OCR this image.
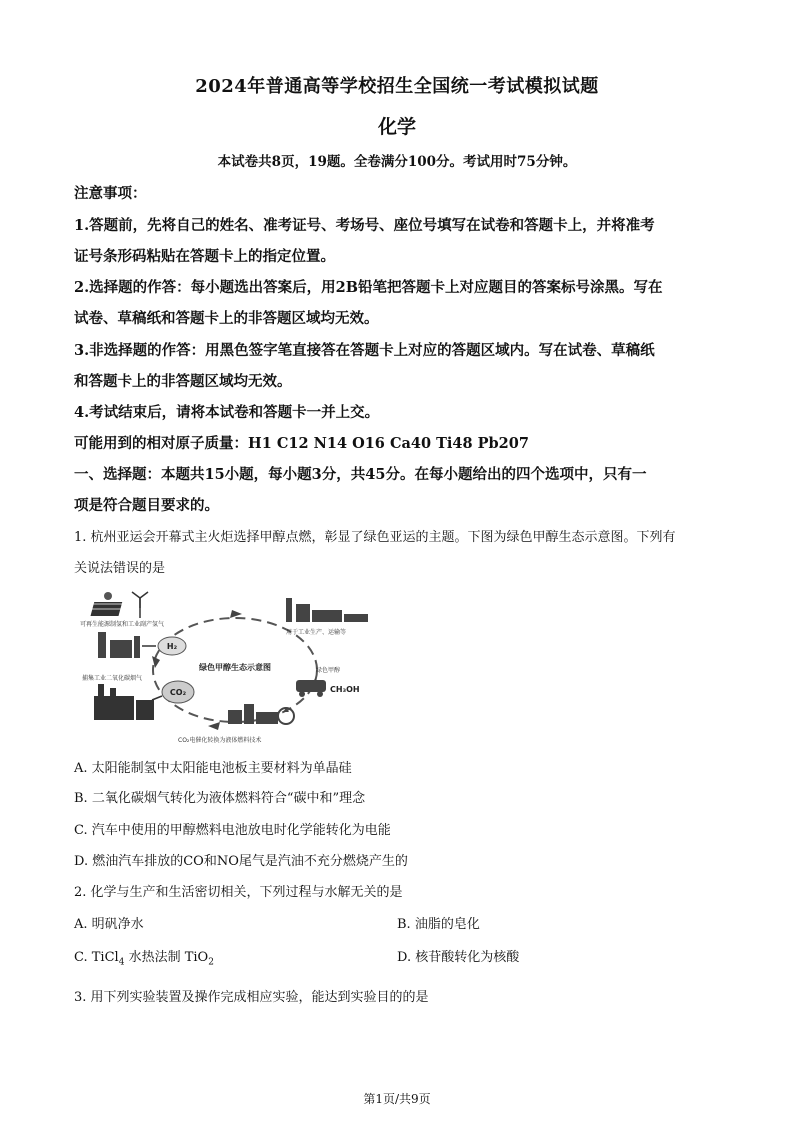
2024年普通高等学校招生全国统一考试模拟试题
化学
本试卷共8页，19题。全卷满分100分。考试用时75分钟。
注意事项：
1.答题前，先将自己的姓名、准考证号、考场号、座位号填写在试卷和答题卡上，并将准考
证号条形码粘贴在答题卡上的指定位置。
2.选择题的作答：每小题选出答案后，用2B铅笔把答题卡上对应题目的答案标号涂黑。写在
试卷、草稿纸和答题卡上的非答题区域均无效。
3.非选择题的作答：用黑色签字笔直接答在答题卡上对应的答题区域内。写在试卷、草稿纸
和答题卡上的非答题区域均无效。
4.考试结束后，请将本试卷和答题卡一并上交。
可能用到的相对原子质量：H1 C12 N14 O16 Ca40 Ti48 Pb207
一、选择题：本题共15小题，每小题3分，共45分。在每小题给出的四个选项中，只有一
项是符合题目要求的。
1. 杭州亚运会开幕式主火炬选择甲醇点燃，彰显了绿色亚运的主题。下图为绿色甲醇生态示意图。下列有
关说法错误的是
绿色甲醇生态示意图
可再生能源制氢和工业副产氢气
H₂
捕集工业二氧化碳烟气
CO₂
用于工业生产、运输等
绿色甲醇
CH₃OH
CO₂电催化转换为液体燃料技术
A. 太阳能制氢中太阳能电池板主要材料为单晶硅
B. 二氧化碳烟气转化为液体燃料符合“碳中和”理念
C. 汽车中使用的甲醇燃料电池放电时化学能转化为电能
D. 燃油汽车排放的CO和NO尾气是汽油不充分燃烧产生的
2. 化学与生产和生活密切相关，下列过程与水解无关的是
A. 明矾净水	B. 油脂的皂化
C. TiCl$_4$ 水热法制 TiO$_2$	D. 核苷酸转化为核酸
3. 用下列实验装置及操作完成相应实验，能达到实验目的的是
第1页/共9页
